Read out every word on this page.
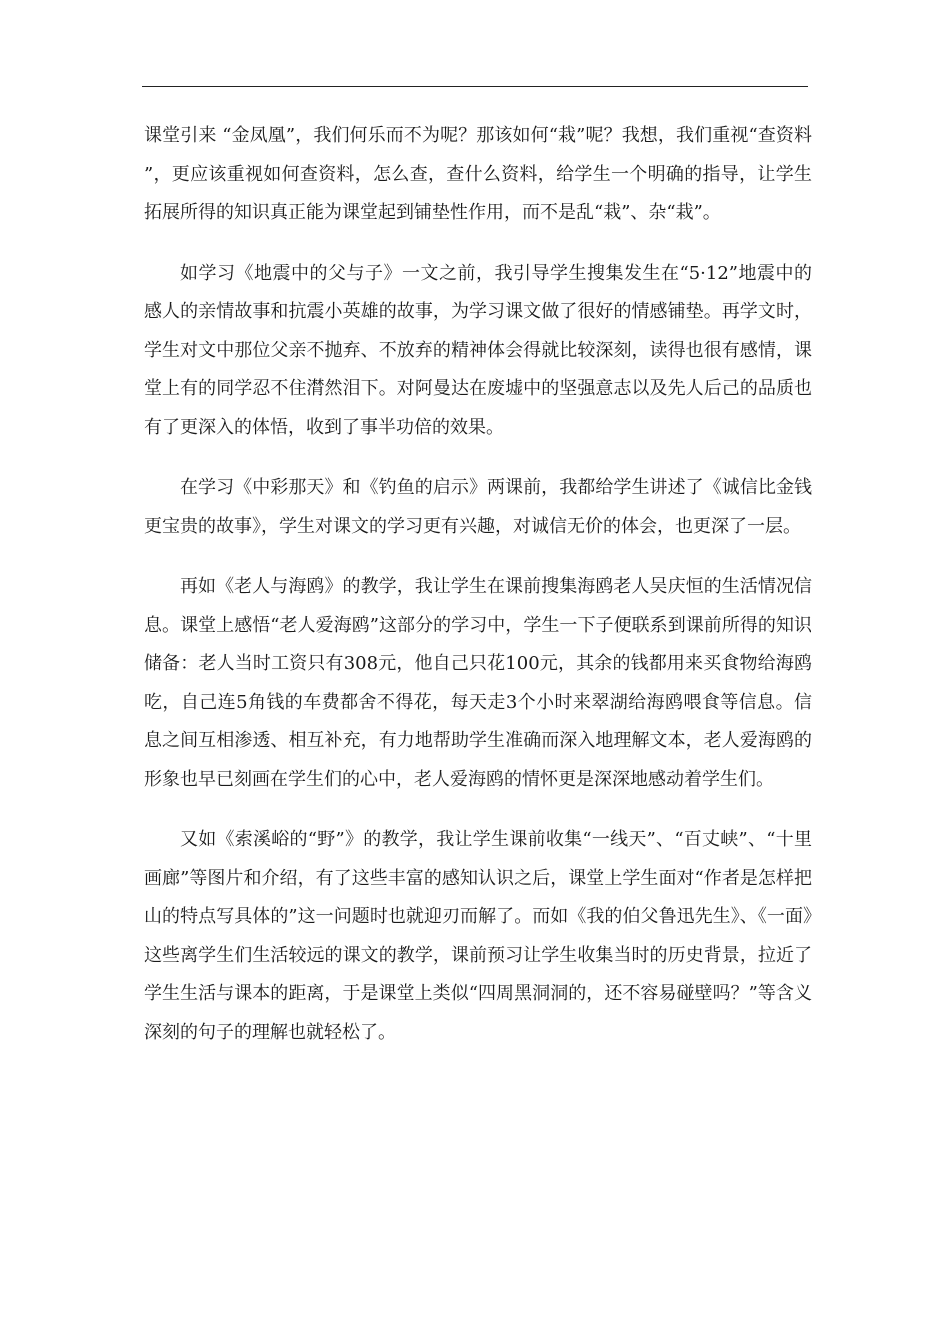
课堂引来 “金凤凰”，我们何乐而不为呢？那该如何“栽”呢？我想，我们重视“查资料”，更应该重视如何查资料，怎么查，查什么资料，给学生一个明确的指导，让学生拓展所得的知识真正能为课堂起到铺垫性作用，而不是乱“栽”、杂“栽”。

如学习《地震中的父与子》一文之前，我引导学生搜集发生在“5·12”地震中的感人的亲情故事和抗震小英雄的故事，为学习课文做了很好的情感铺垫。再学文时，学生对文中那位父亲不抛弃、不放弃的精神体会得就比较深刻，读得也很有感情，课堂上有的同学忍不住潸然泪下。对阿曼达在废墟中的坚强意志以及先人后己的品质也有了更深入的体悟，收到了事半功倍的效果。

在学习《中彩那天》和《钓鱼的启示》两课前，我都给学生讲述了《诚信比金钱更宝贵的故事》，学生对课文的学习更有兴趣，对诚信无价的体会，也更深了一层。

再如《老人与海鸥》的教学，我让学生在课前搜集海鸥老人吴庆恒的生活情况信息。课堂上感悟“老人爱海鸥”这部分的学习中，学生一下子便联系到课前所得的知识储备：老人当时工资只有308元，他自己只花100元，其余的钱都用来买食物给海鸥吃，自己连5角钱的车费都舍不得花，每天走3个小时来翠湖给海鸥喂食等信息。信息之间互相渗透、相互补充，有力地帮助学生准确而深入地理解文本，老人爱海鸥的形象也早已刻画在学生们的心中，老人爱海鸥的情怀更是深深地感动着学生们。

又如《索溪峪的“野”》的教学，我让学生课前收集“一线天”、“百丈峡”、“十里画廊”等图片和介绍，有了这些丰富的感知认识之后，课堂上学生面对“作者是怎样把山的特点写具体的”这一问题时也就迎刃而解了。而如《我的伯父鲁迅先生》、《一面》这些离学生们生活较远的课文的教学，课前预习让学生收集当时的历史背景，拉近了学生生活与课本的距离，于是课堂上类似“四周黑洞洞的，还不容易碰壁吗？”等含义深刻的句子的理解也就轻松了。
